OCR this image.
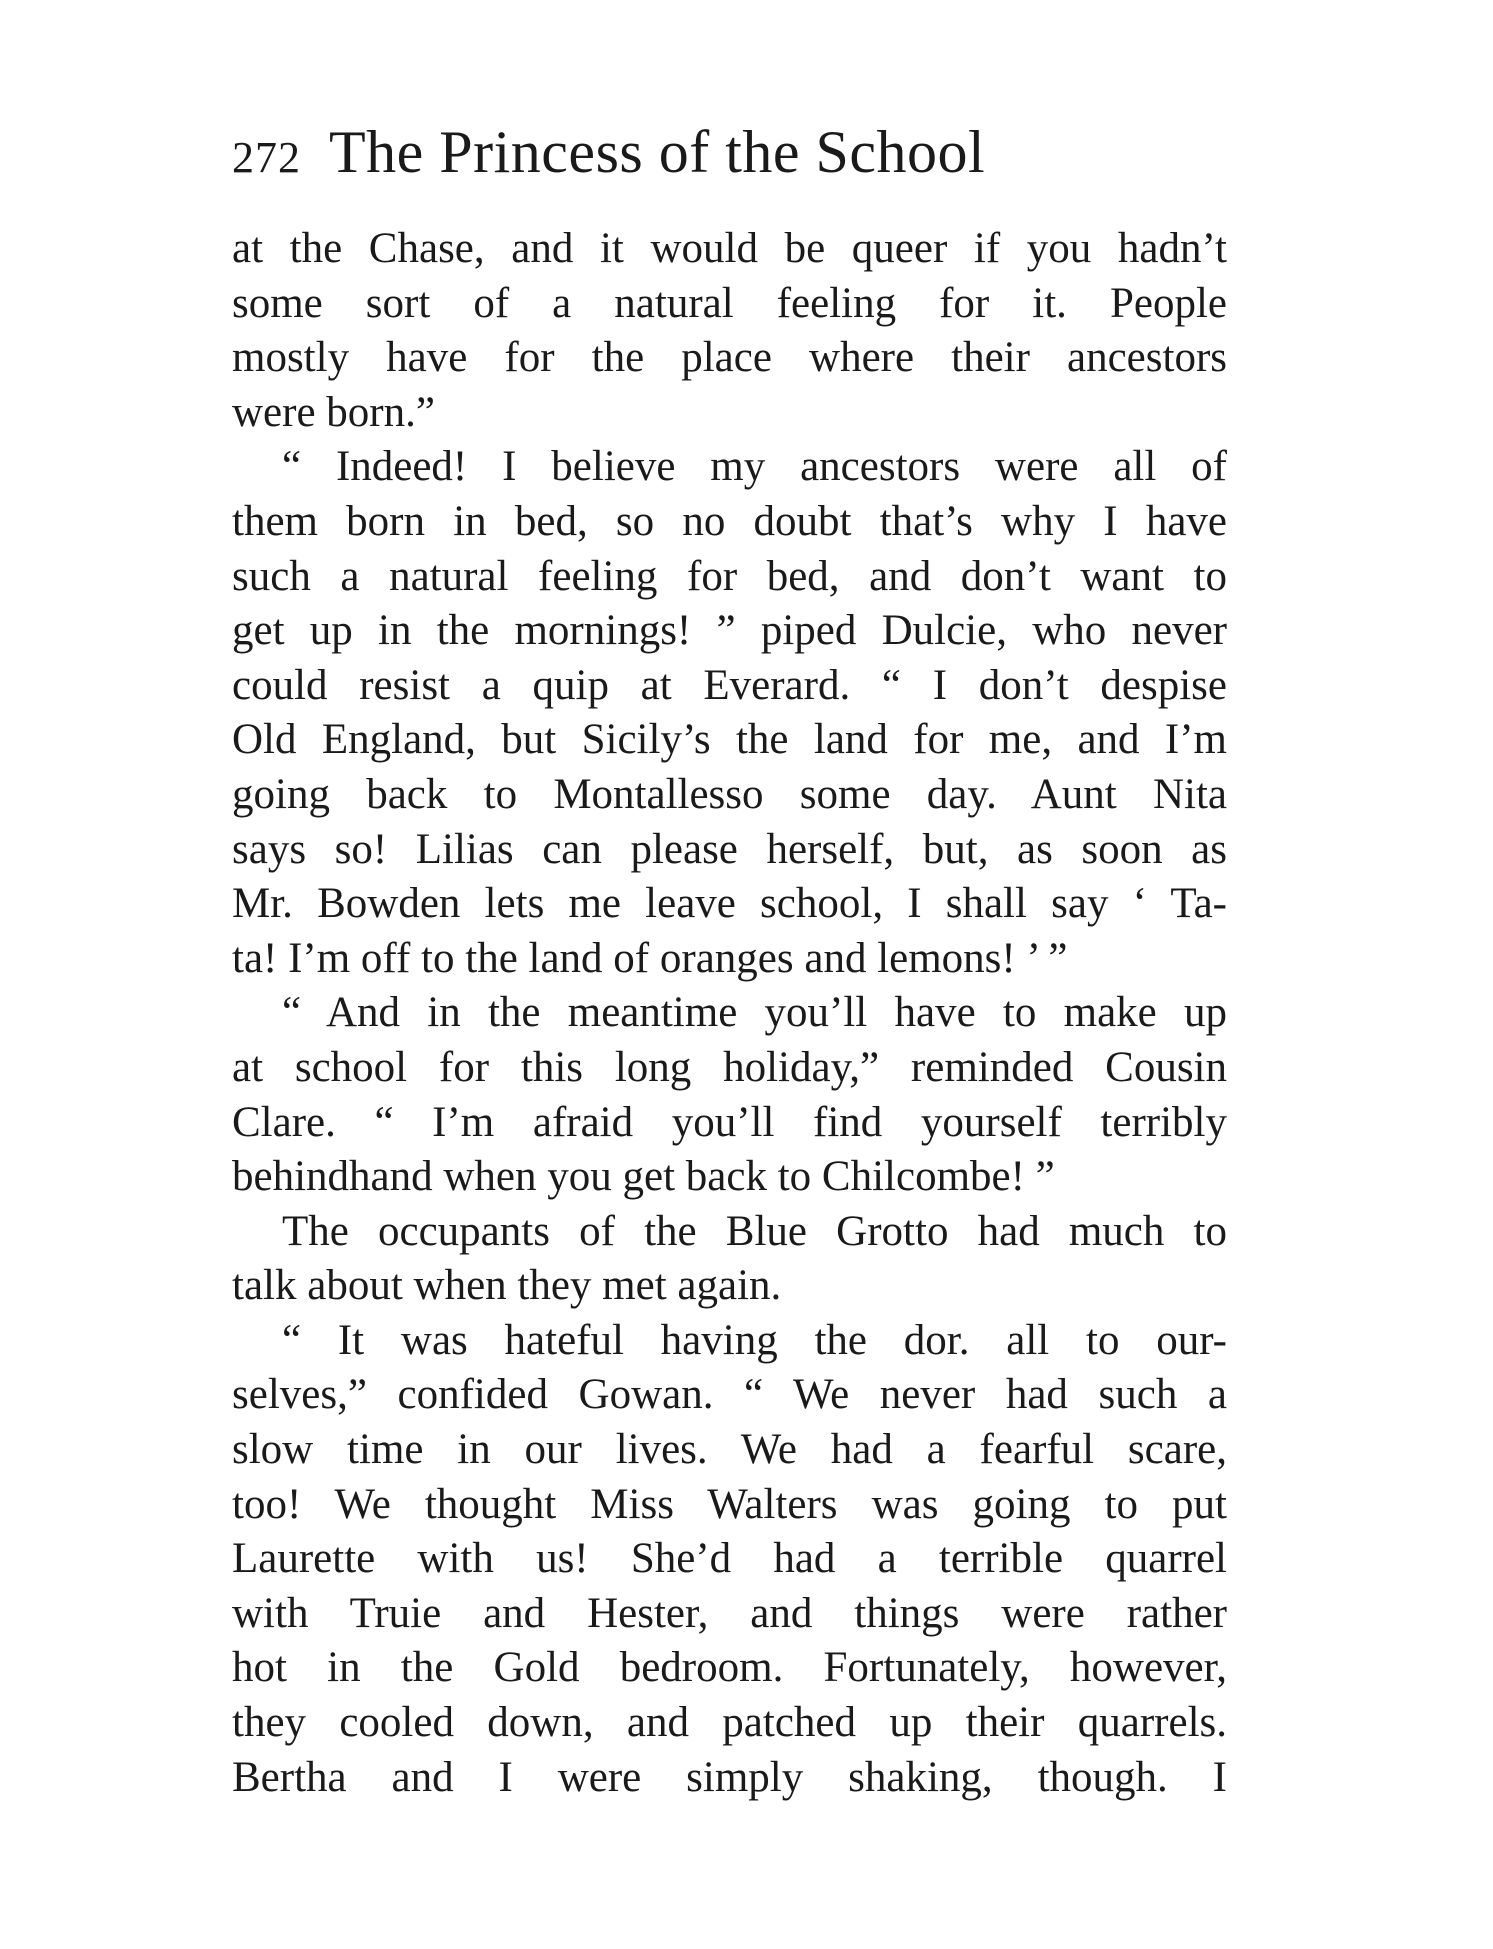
272 The Princess of the School
at the Chase, and it would be queer if you hadn’t
some sort of a natural feeling for it. People
mostly have for the place where their ancestors
were born.”
“ Indeed! I believe my ancestors were all of
them born in bed, so no doubt that’s why I have
such a natural feeling for bed, and don’t want to
get up in the mornings! ” piped Dulcie, who never
could resist a quip at Everard. “ I don’t despise
Old England, but Sicily’s the land for me, and I’m
going back to Montallesso some day. Aunt Nita
says so! Lilias can please herself, but, as soon as
Mr. Bowden lets me leave school, I shall say ‘ Ta-
ta! I’m off to the land of oranges and lemons! ’ ”
“ And in the meantime you’ll have to make up
at school for this long holiday,” reminded Cousin
Clare. “ I’m afraid you’ll find yourself terribly
behindhand when you get back to Chilcombe! ”
The occupants of the Blue Grotto had much to
talk about when they met again.
“ It was hateful having the dor. all to our-
selves,” confided Gowan. “ We never had such a
slow time in our lives. We had a fearful scare,
too! We thought Miss Walters was going to put
Laurette with us! She’d had a terrible quarrel
with Truie and Hester, and things were rather
hot in the Gold bedroom. Fortunately, however,
they cooled down, and patched up their quarrels.
Bertha and I were simply shaking, though. I
